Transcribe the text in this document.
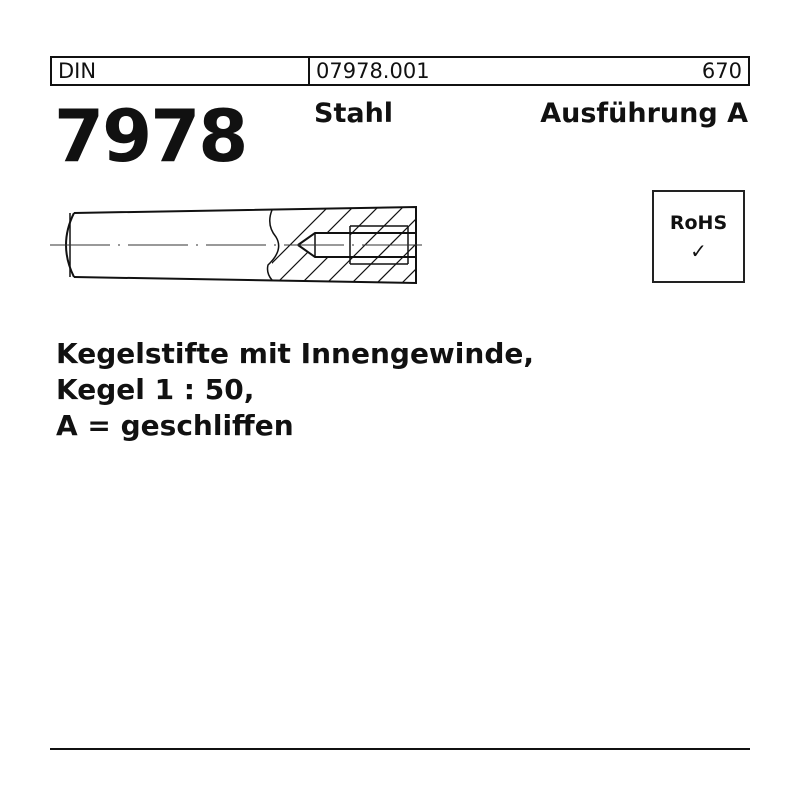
DIN	07978.001	670
7978	Stahl	Ausführung A
RoHS
✓
Kegelstifte mit Innengewinde,
Kegel 1 : 50,
A = geschliffen
